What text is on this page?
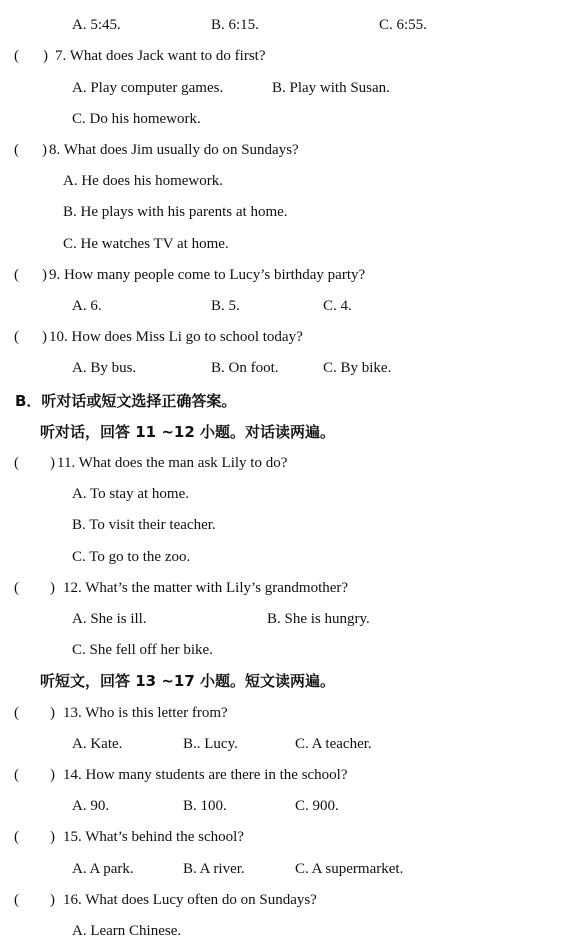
A. 5:45.	B. 6:15.	C. 6:55.
( ) 7. What does Jack want to do first?
A. Play computer games.	B. Play with Susan.
C. Do his homework.
( ) 8. What does Jim usually do on Sundays?
A. He does his homework.
B. He plays with his parents at home.
C. He watches TV at home.
( ) 9. How many people come to Lucy’s birthday party?
A. 6.	B. 5.	C. 4.
( ) 10. How does Miss Li go to school today?
A. By bus.	B. On foot.	C. By bike.
B．听对话或短文选择正确答案。
听对话，回答 11 ~12 小题。对话读两遍。
( ) 11. What does the man ask Lily to do?
A. To stay at home.
B. To visit their teacher.
C. To go to the zoo.
( ) 12. What’s the matter with Lily’s grandmother?
A. She is ill.	B. She is hungry.
C. She fell off her bike.
听短文，回答 13 ~17 小题。短文读两遍。
( ) 13. Who is this letter from?
A. Kate.	B.. Lucy.	C. A teacher.
( ) 14. How many students are there in the school?
A. 90.	B. 100.	C. 900.
( ) 15. What’s behind the school?
A. A park.	B. A river.	C. A supermarket.
( ) 16. What does Lucy often do on Sundays?
A. Learn Chinese.
